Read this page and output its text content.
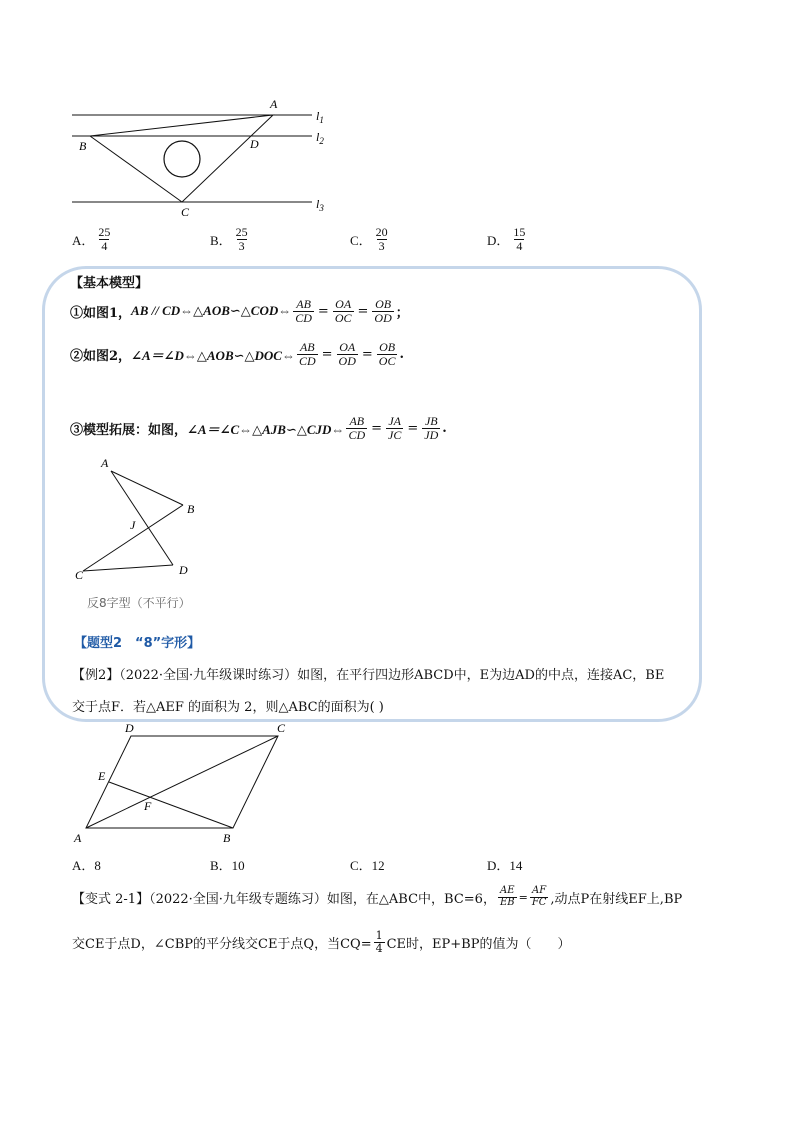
A
B	D
C
$l_1$
$l_2$
$l_3$
A． $\frac{25}{4}$	B． $\frac{25}{3}$	C． $\frac{20}{3}$	D． $\frac{15}{4}$
【基本模型】
①如图1， AB // CD⇔△AOB∽△COD⇔ $\frac{AB}{CD} = \frac{OA}{OC} = \frac{OB}{OD}$ ；
②如图2， ∠A＝∠D⇔△AOB∽△DOC⇔ $\frac{AB}{CD} = \frac{OA}{OD} = \frac{OB}{OC}$ .
③模型拓展：如图， ∠A＝∠C⇔△AJB∽△CJD⇔ $\frac{AB}{CD} = \frac{JA}{JC} = \frac{JB}{JD}$ .
A
B
J
C	D
反8字型（不平行）
【题型2　“8”字形】
【例2】（2022·全国·九年级课时练习）如图，在平行四边形ABCD中，E为边AD的中点，连接AC，BE
交于点F．若△AEF 的面积为 2，则△ABC的面积为( )
D	C
E
F
A	B
A．8	B．10	C．12	D．14
【变式 2-1】（2022·全国·九年级专题练习）如图，在△ABC中，BC=6， $\frac{AE}{EB} = \frac{AF}{FC}$ ,动点P在射线EF上,BP
交CE于点D，∠CBP的平分线交CE于点Q，当$CQ= \frac{1}{4}$ CE时，EP+BP的值为（　　）
